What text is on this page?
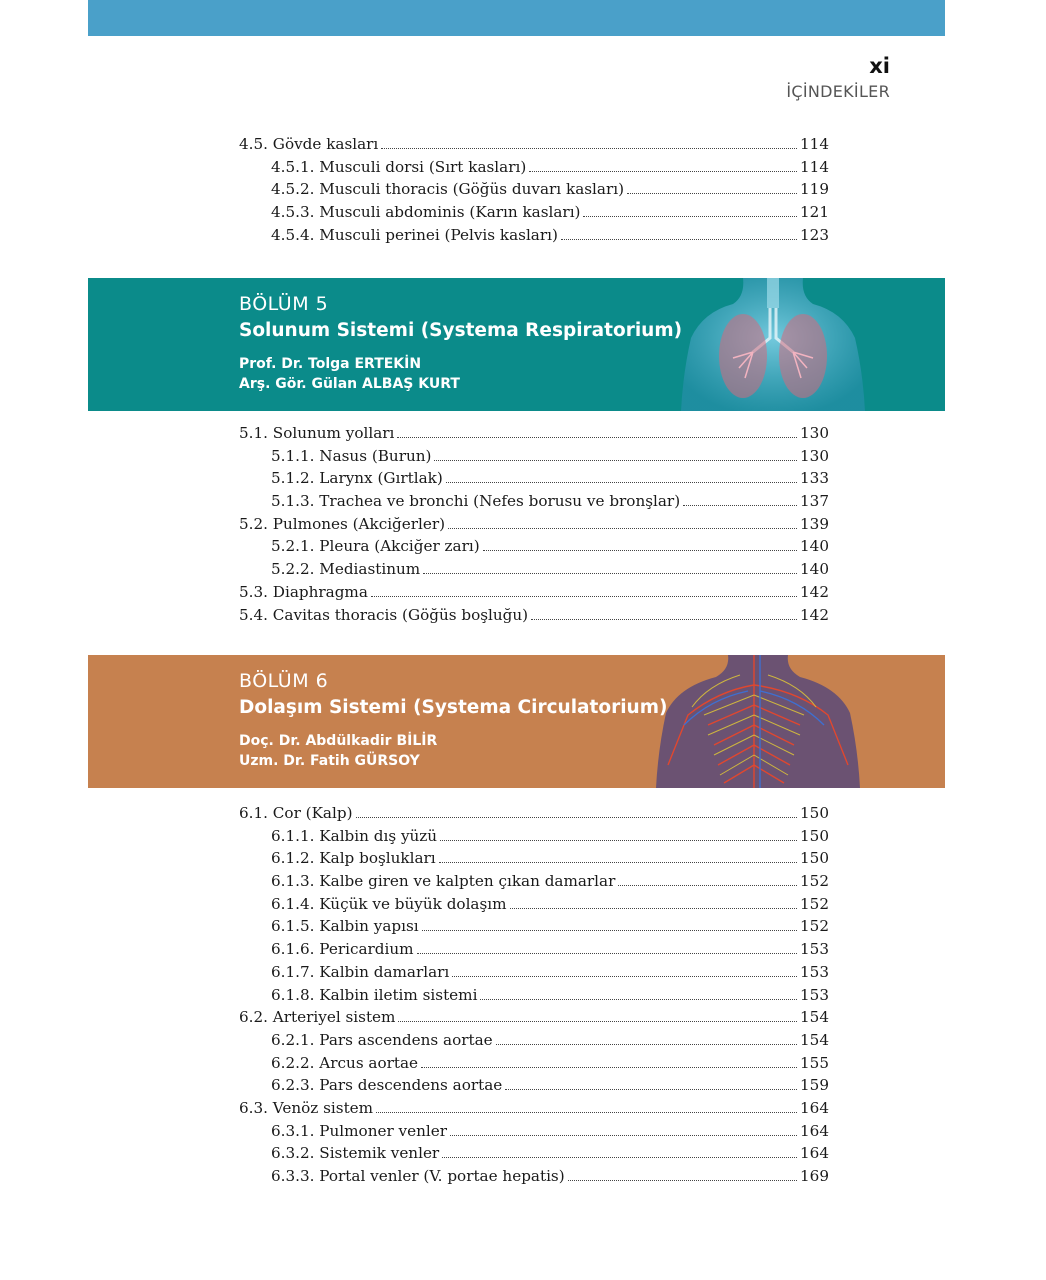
xi
İÇİNDEKİLER
4.5. Gövde kasları	114
4.5.1. Musculi dorsi (Sırt kasları)	114
4.5.2. Musculi thoracis (Göğüs duvarı kasları)	119
4.5.3. Musculi abdominis (Karın kasları)	121
4.5.4. Musculi perinei (Pelvis kasları)	123
BÖLÜM 5
Solunum Sistemi (Systema Respiratorium)
Prof. Dr. Tolga ERTEKİN
Arş. Gör. Gülan ALBAŞ KURT
5.1. Solunum yolları	130
5.1.1. Nasus (Burun)	130
5.1.2. Larynx (Gırtlak)	133
5.1.3. Trachea ve bronchi (Nefes borusu ve bronşlar)	137
5.2. Pulmones (Akciğerler)	139
5.2.1. Pleura (Akciğer zarı)	140
5.2.2. Mediastinum	140
5.3. Diaphragma	142
5.4. Cavitas thoracis (Göğüs boşluğu)	142
BÖLÜM 6
Dolaşım Sistemi (Systema Circulatorium)
Doç. Dr. Abdülkadir BİLİR
Uzm. Dr. Fatih GÜRSOY
6.1. Cor (Kalp)	150
6.1.1. Kalbin dış yüzü	150
6.1.2. Kalp boşlukları	150
6.1.3. Kalbe giren ve kalpten çıkan damarlar	152
6.1.4. Küçük ve büyük dolaşım	152
6.1.5. Kalbin yapısı	152
6.1.6. Pericardium	153
6.1.7. Kalbin damarları	153
6.1.8. Kalbin iletim sistemi	153
6.2. Arteriyel sistem	154
6.2.1. Pars ascendens aortae	154
6.2.2. Arcus aortae	155
6.2.3. Pars descendens aortae	159
6.3. Venöz sistem	164
6.3.1. Pulmoner venler	164
6.3.2. Sistemik venler	164
6.3.3. Portal venler (V. portae hepatis)	169
